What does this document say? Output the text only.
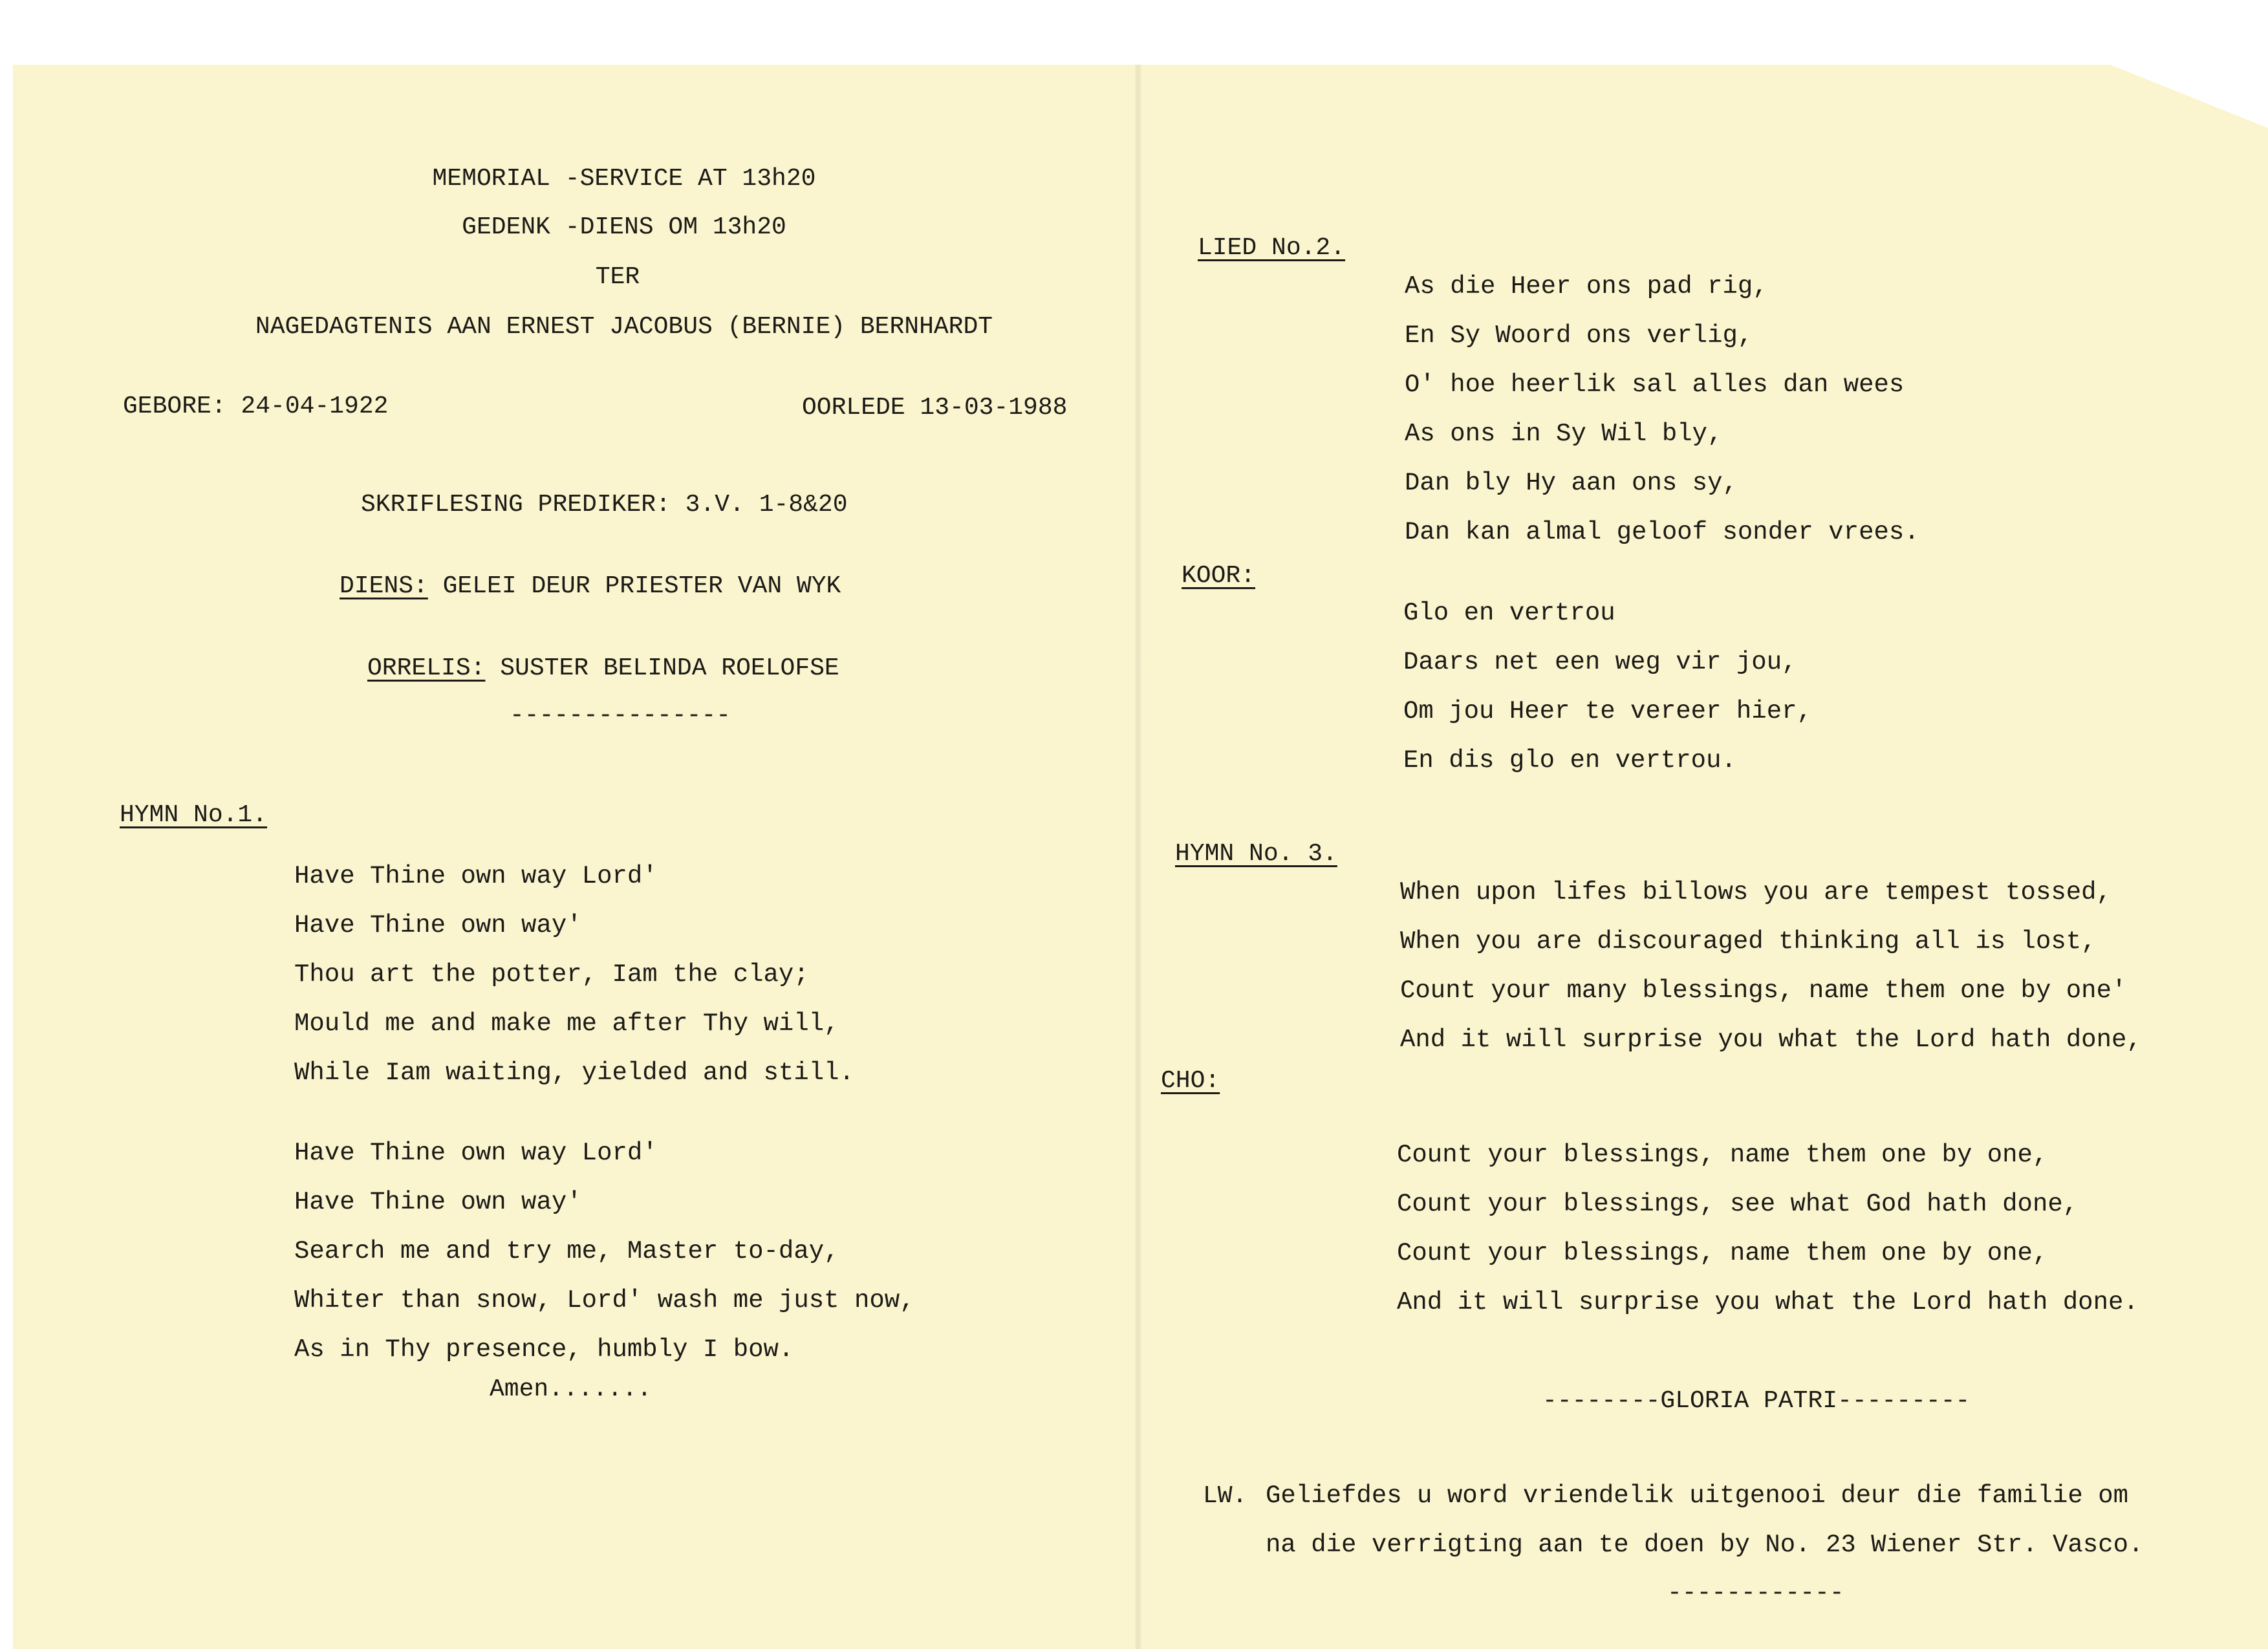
MEMORIAL -SERVICE AT 13h20
GEDENK -DIENS OM 13h20
TER
NAGEDAGTENIS AAN ERNEST JACOBUS (BERNIE) BERNHARDT
GEBORE: 24-04-1922	OORLEDE 13-03-1988
SKRIFLESING PREDIKER: 3.V. 1-8&20
DIENS: GELEI DEUR PRIESTER VAN WYK
ORRELIS: SUSTER BELINDA ROELOFSE
---------------
HYMN No.1.
Have Thine own way Lord'
Have Thine own way'
Thou art the potter, Iam the clay;
Mould me and make me after Thy will,
While Iam waiting, yielded and still.
Have Thine own way Lord'
Have Thine own way'
Search me and try me, Master to-day,
Whiter than snow, Lord' wash me just now,
As in Thy presence, humbly I bow.
Amen.......
LIED No.2.
As die Heer ons pad rig,
En Sy Woord ons verlig,
O' hoe heerlik sal alles dan wees
As ons in Sy Wil bly,
Dan bly Hy aan ons sy,
Dan kan almal geloof sonder vrees.
KOOR:
Glo en vertrou
Daars net een weg vir jou,
Om jou Heer te vereer hier,
En dis glo en vertrou.
HYMN No. 3.
When upon lifes billows you are tempest tossed,
When you are discouraged thinking all is lost,
Count your many blessings, name them one by one'
And it will surprise you what the Lord hath done,
CHO:
Count your blessings, name them one by one,
Count your blessings, see what God hath done,
Count your blessings, name them one by one,
And it will surprise you what the Lord hath done.
--------GLORIA PATRI---------
LW. Geliefdes u word vriendelik uitgenooi deur die familie om
na die verrigting aan te doen by No. 23 Wiener Str. Vasco.
------------
